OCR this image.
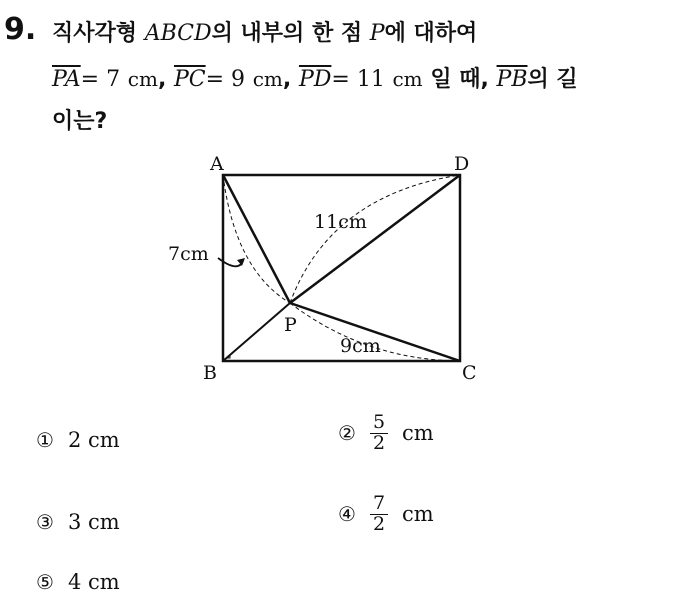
9. 직사각형 ABCD의 내부의 한 점 P에 대하여
$\overline{PA}= 7$ cm, $\overline{PC}= 9$ cm, $\overline{PD}= 11$ cm 일 때, $\overline{PB}$의 길
이는?
A	D
B	C
P
7cm
11cm
9cm
① 2 cm	② $\frac{5}{2}$ cm
③ 3 cm	④ $\frac{7}{2}$ cm
⑤ 4 cm
